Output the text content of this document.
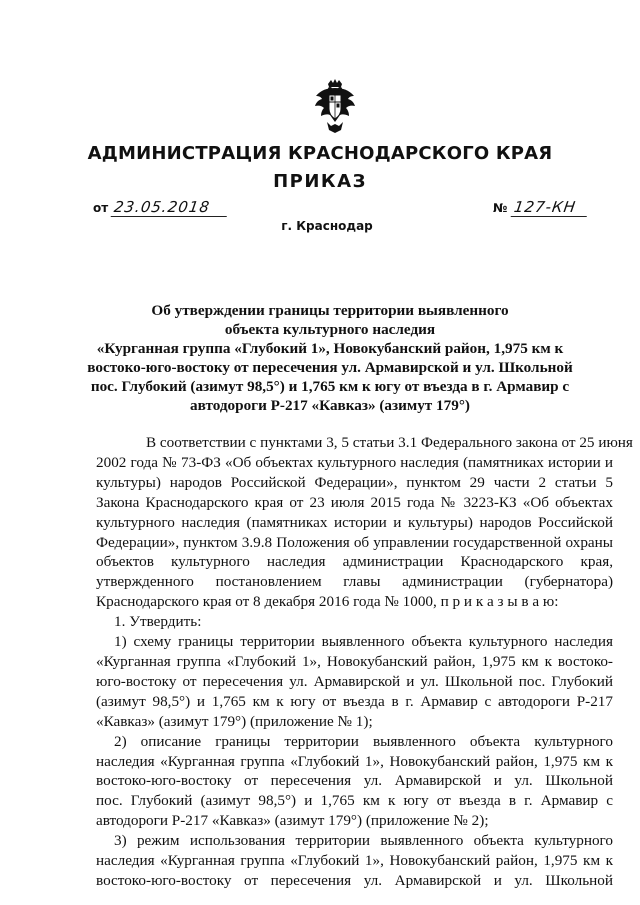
АДМИНИСТРАЦИЯ КРАСНОДАРСКОГО КРАЯ
ПРИКАЗ
от 23.05.2018	№ 127-КН
г. Краснодар
Об утверждении границы территории выявленного
объекта культурного наследия
«Курганная группа «Глубокий 1», Новокубанский район, 1,975 км к
востоко-юго-востоку от пересечения ул. Армавирской и ул. Школьной
пос. Глубокий (азимут 98,5°) и 1,765 км к югу от въезда в г. Армавир с
автодороги Р-217 «Кавказ» (азимут 179°)
В соответствии с пунктами 3, 5 статьи 3.1 Федерального закона от 25 июня
2002 года № 73-ФЗ «Об объектах культурного наследия (памятниках истории и
культуры) народов Российской Федерации», пунктом 29 части 2 статьи 5
Закона Краснодарского края от 23 июля 2015 года № 3223-КЗ «Об объектах
культурного наследия (памятниках истории и культуры) народов Российской
Федерации», пунктом 3.9.8 Положения об управлении государственной охраны
объектов культурного наследия администрации Краснодарского края,
утвержденного постановлением главы администрации (губернатора)
Краснодарского края от 8 декабря 2016 года № 1000, п р и к а з ы в а ю:
1. Утвердить:
1) схему границы территории выявленного объекта культурного наследия
«Курганная группа «Глубокий 1», Новокубанский район, 1,975 км к востоко-
юго-востоку от пересечения ул. Армавирской и ул. Школьной пос. Глубокий
(азимут 98,5°) и 1,765 км к югу от въезда в г. Армавир с автодороги Р-217
«Кавказ» (азимут 179°) (приложение № 1);
2) описание границы территории выявленного объекта культурного
наследия «Курганная группа «Глубокий 1», Новокубанский район, 1,975 км к
востоко-юго-востоку от пересечения ул. Армавирской и ул. Школьной
пос. Глубокий (азимут 98,5°) и 1,765 км к югу от въезда в г. Армавир с
автодороги Р-217 «Кавказ» (азимут 179°) (приложение № 2);
3) режим использования территории выявленного объекта культурного
наследия «Курганная группа «Глубокий 1», Новокубанский район, 1,975 км к
востоко-юго-востоку от пересечения ул. Армавирской и ул. Школьной
